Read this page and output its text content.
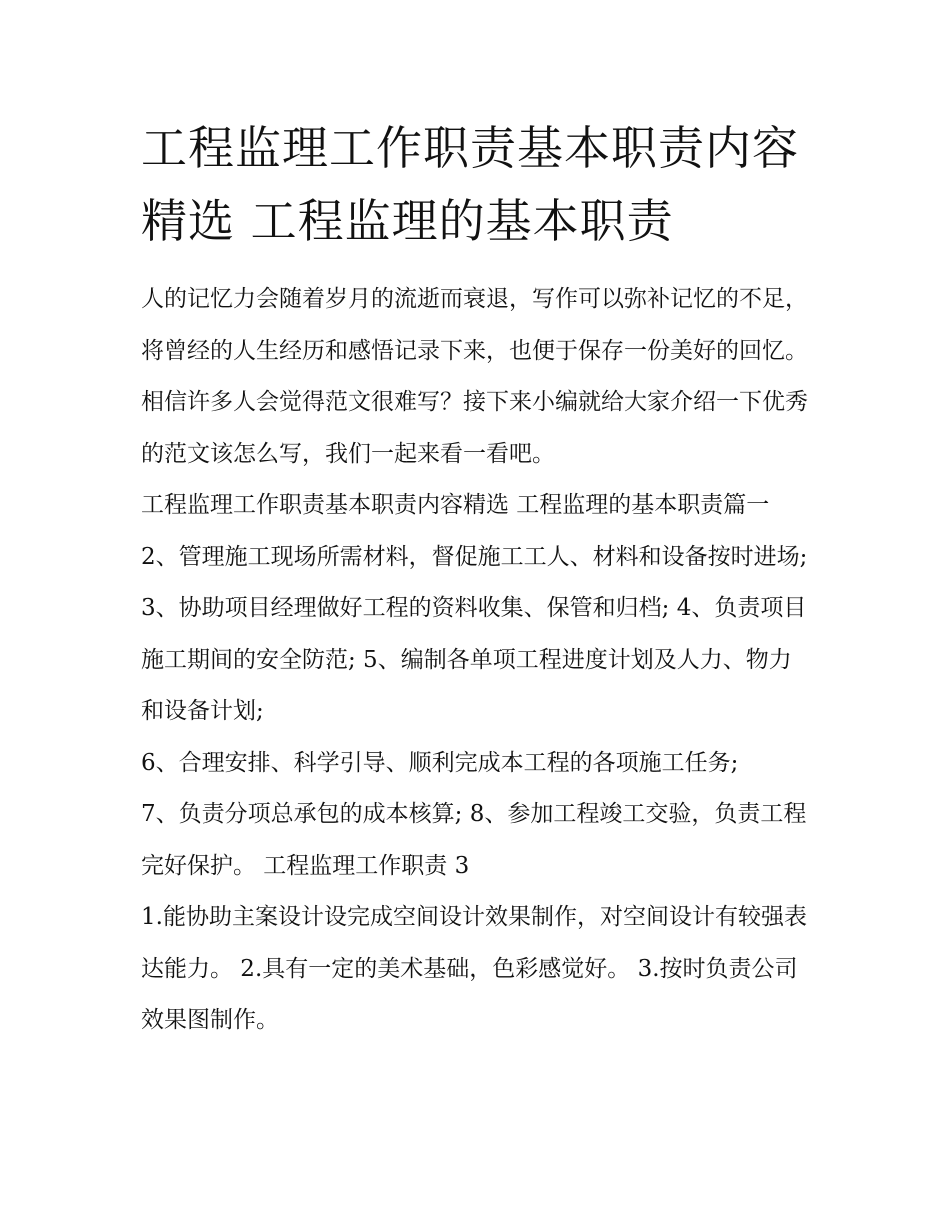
工程监理工作职责基本职责内容精选 工程监理的基本职责

人的记忆力会随着岁月的流逝而衰退，写作可以弥补记忆的不足，将曾经的人生经历和感悟记录下来，也便于保存一份美好的回忆。相信许多人会觉得范文很难写？接下来小编就给大家介绍一下优秀的范文该怎么写，我们一起来看一看吧。

工程监理工作职责基本职责内容精选 工程监理的基本职责篇一 2、管理施工现场所需材料，督促施工工人、材料和设备按时进场;

3、协助项目经理做好工程的资料收集、保管和归档; 4、负责项目施工期间的安全防范; 5、编制各单项工程进度计划及人力、物力和设备计划;

6、合理安排、科学引导、顺利完成本工程的各项施工任务;

7、负责分项总承包的成本核算; 8、参加工程竣工交验，负责工程完好保护。 工程监理工作职责 3

1.能协助主案设计设完成空间设计效果制作，对空间设计有较强表达能力。 2.具有一定的美术基础，色彩感觉好。 3.按时负责公司效果图制作。
